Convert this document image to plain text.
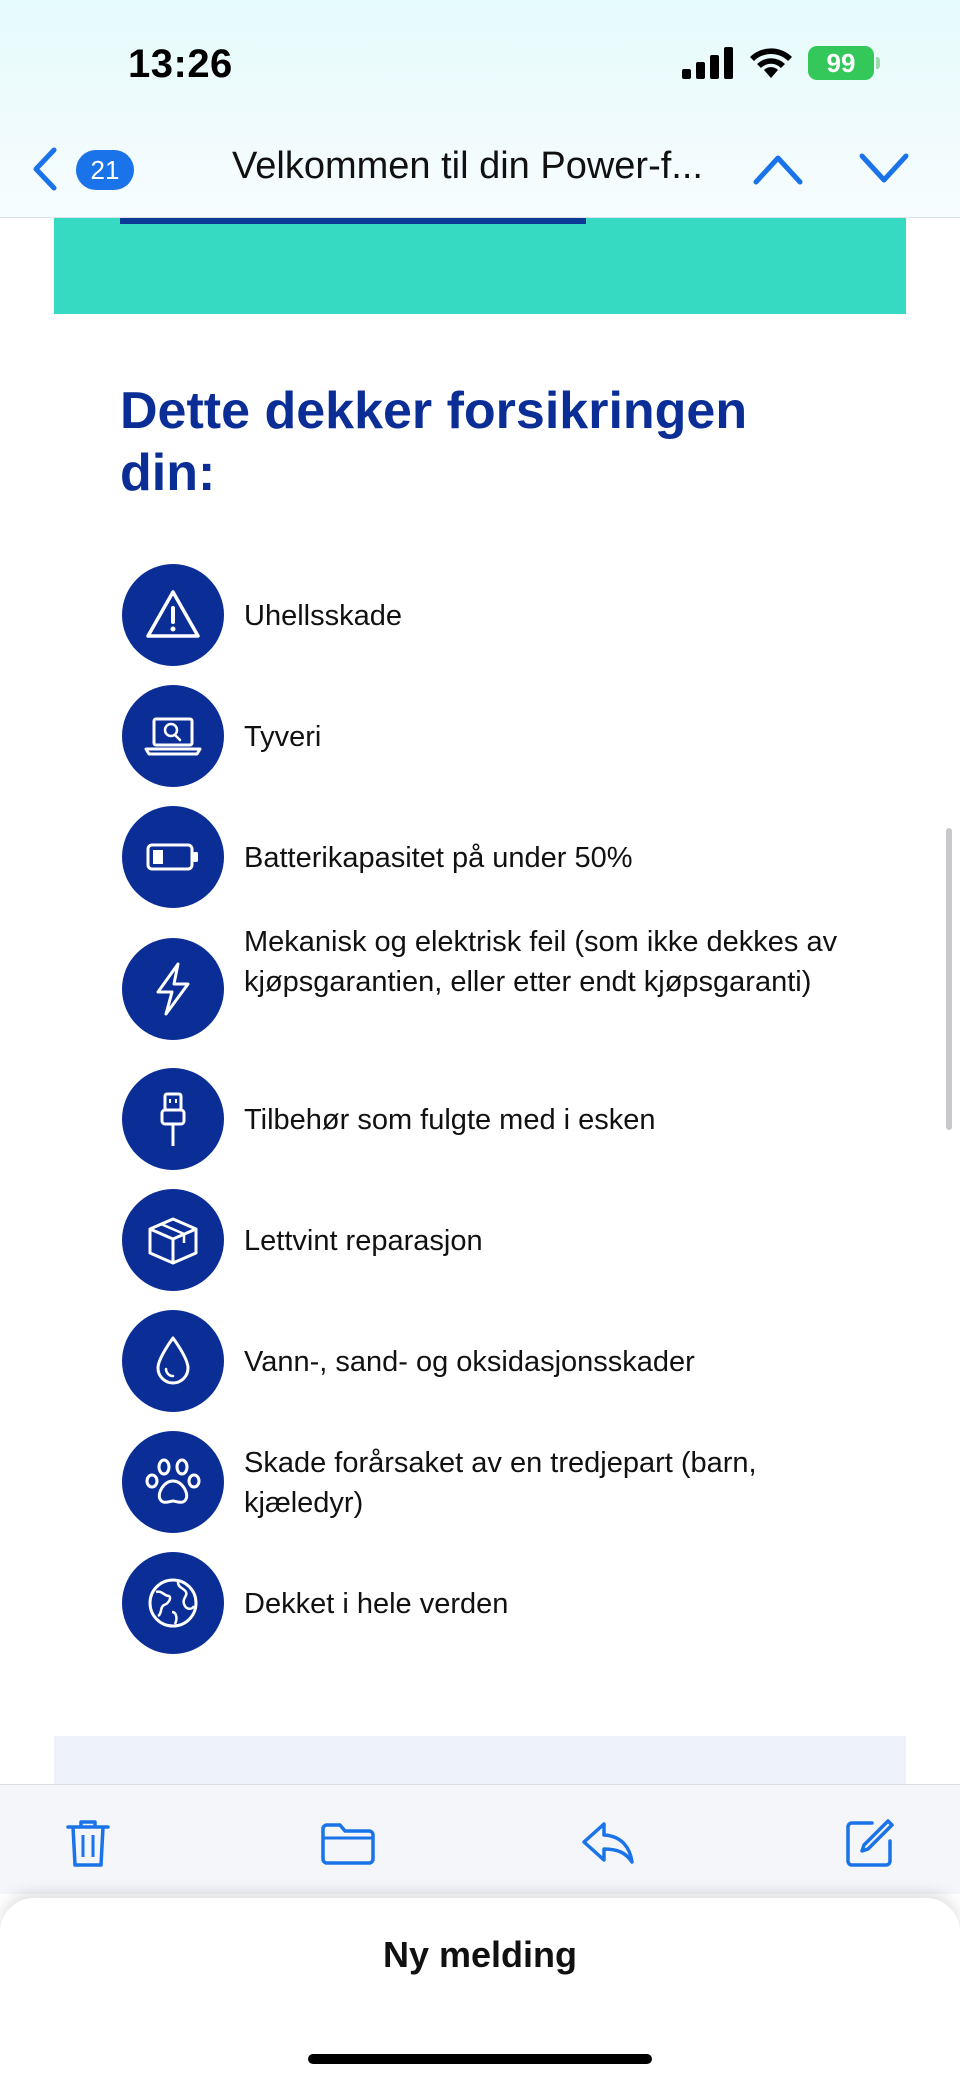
13:26	99
21	Velkommen til din Power-f...
Dette dekker forsikringen din:
Uhellsskade
Tyveri
Batterikapasitet på under 50%
Mekanisk og elektrisk feil (som ikke dekkes av kjøpsgarantien, eller etter endt kjøpsgaranti)
Tilbehør som fulgte med i esken
Lettvint reparasjon
Vann-, sand- og oksidasjonsskader
Skade forårsaket av en tredjepart (barn, kjæledyr)
Dekket i hele verden
Ny melding
